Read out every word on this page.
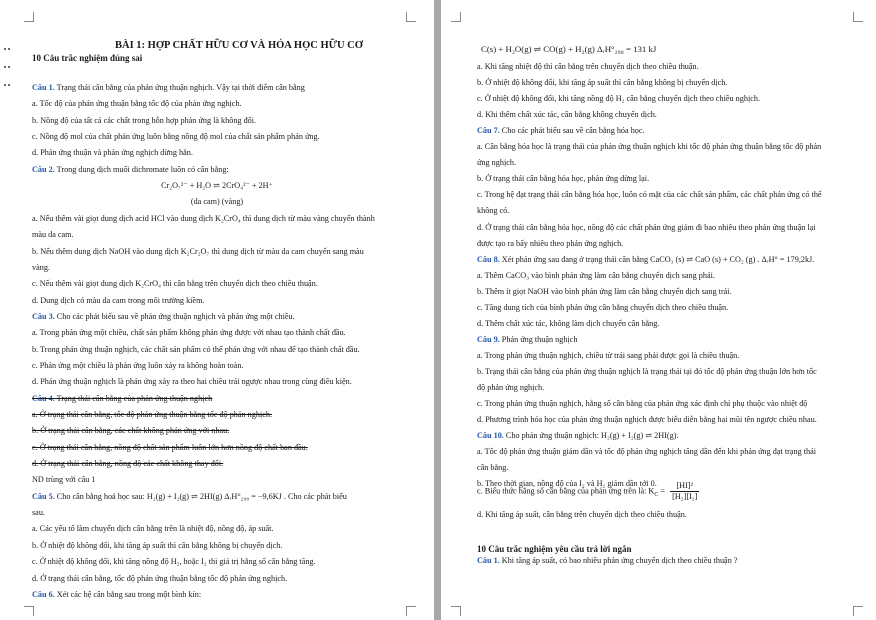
BÀI 1: HỢP CHẤT HỮU CƠ VÀ HÓA HỌC HỮU CƠ
10 Câu trắc nghiệm đúng sai
Câu 1. Trạng thái cân bằng của phản ứng thuận nghịch. Vậy tại thời điểm cân bằng
a. Tốc độ của phản ứng thuận bằng tốc độ của phản ứng nghịch.
b. Nồng độ của tất cả các chất trong hỗn hợp phản ứng là không đổi.
c. Nồng độ mol của chất phản ứng luôn bằng nồng độ mol của chất sản phẩm phản ứng.
d. Phản ứng thuận và phản ứng nghịch dừng hẳn.
Câu 2. Trong dung dịch muối dichromate luôn có cân bằng:
Cr₂O₇²⁻ + H₂O ⇌ 2CrO₄²⁻ + 2H⁺
(da cam) (vàng)
a. Nếu thêm vài giọt dung dịch acid HCl vào dung dịch K₂CrO₄ thì dung dịch từ màu vàng chuyển thành
màu da cam.
b. Nếu thêm dung dịch NaOH vào dung dịch K₂Cr₂O₇ thì dung dịch từ màu da cam chuyển sang màu
vàng.
c. Nếu thêm vài giọt dung dịch K₂CrO₄ thì cân bằng trên chuyển dịch theo chiều thuận.
d. Dung dịch có màu da cam trong môi trường kiềm.
Câu 3. Cho các phát biểu sau về phản ứng thuận nghịch và phản ứng một chiều.
a. Trong phản ứng một chiều, chất sản phẩm không phản ứng được với nhau tạo thành chất đầu.
b. Trong phản ứng thuận nghịch, các chất sản phẩm có thể phản ứng với nhau để tạo thành chất đầu.
c. Phản ứng một chiều là phản ứng luôn xảy ra không hoàn toàn.
d. Phản ứng thuận nghịch là phản ứng xảy ra theo hai chiều trái ngược nhau trong cùng điều kiện.
Câu 4. Trạng thái cân bằng của phản ứng thuận nghịch
a. Ở trạng thái cân bằng, tốc độ phản ứng thuận bằng tốc độ phản nghịch.
b. Ở trạng thái cân bằng, các chất không phản ứng với nhau.
c. Ở trạng thái cân bằng, nồng độ chất sản phẩm luôn lớn hơn nồng độ chất ban đầu.
d. Ở trạng thái cân bằng, nồng độ các chất không thay đổi.
ND trùng với câu 1
Câu 5. Cho cân bằng hoá học sau: H₂(g) + I₂(g) ⇌ 2HI(g) ΔᵣH°₂₉₈ = −9,6KJ . Cho các phát biểu
sau.
a. Các yếu tố làm chuyển dịch cân bằng trên là nhiệt độ, nồng độ, áp suất.
b. Ở nhiệt độ không đổi, khi tăng áp suất thì cân bằng không bị chuyển dịch.
c. Ở nhiệt độ không đổi, khi tăng nồng độ H₂, hoặc I₂ thì giá trị hằng số cân bằng tăng.
d. Ở trạng thái cân bằng, tốc độ phản ứng thuận bằng tốc độ phản ứng nghịch.
Câu 6. Xét các hệ cân bằng sau trong một bình kín:
C(s) + H₂O(g) ⇌ CO(g) + H₂(g) ΔᵣH°₂₉₈ = 131 kJ
a. Khi tăng nhiệt độ thì cân bằng trên chuyển dịch theo chiều thuận.
b. Ở nhiệt độ không đổi, khi tăng áp suất thì cân bằng không bị chuyển dịch.
c. Ở nhiệt độ không đổi, khi tăng nồng độ H₂ cân bằng chuyển dịch theo chiều nghịch.
d. Khi thêm chất xúc tác, cân bằng không chuyển dịch.
Câu 7. Cho các phát biểu sau về cân bằng hóa học.
a. Cân bằng hóa học là trạng thái của phản ứng thuận nghịch khi tốc độ phản ứng thuận bằng tốc độ phản
ứng nghịch.
b. Ở trạng thái cân bằng hóa học, phản ứng dừng lại.
c. Trong hệ đạt trạng thái cân bằng hóa học, luôn có mặt của các chất sản phẩm, các chất phản ứng có thể
không có.
d. Ở trạng thái cân bằng hóa học, nồng độ các chất phản ứng giảm đi bao nhiêu theo phản ứng thuận lại
được tạo ra bấy nhiêu theo phản ứng nghịch.
Câu 8. Xét phản ứng sau đang ở trạng thái cân bằng CaCO₃ (s) ⇌ CaO (s) + CO₂ (g) . ΔᵣH° = 179,2kJ.
a. Thêm CaCO₃ vào bình phản ứng làm cân bằng chuyển dịch sang phải.
b. Thêm ít giọt NaOH vào bình phản ứng làm cân bằng chuyển dịch sang trái.
c. Tăng dung tích của bình phản ứng cân bằng chuyển dịch theo chiều thuận.
d. Thêm chất xúc tác, không làm dịch chuyển cân bằng.
Câu 9. Phản ứng thuận nghịch
a. Trong phản ứng thuận nghịch, chiều từ trái sang phải được gọi là chiều thuận.
b. Trạng thái cân bằng của phản ứng thuận nghịch là trạng thái tại đó tốc độ phản ứng thuận lớn hơn tốc
độ phản ứng nghịch.
c. Trong phản ứng thuận nghịch, hằng số cân bằng của phản ứng xác định chỉ phụ thuộc vào nhiệt độ
d. Phương trình hóa học của phản ứng thuận nghịch được biểu diễn bằng hai mũi tên ngược chiều nhau.
Câu 10. Cho phản ứng thuận nghịch: H₂(g) + I₂(g) ⇌ 2HI(g).
a. Tốc độ phản ứng thuận giảm dần và tốc độ phản ứng nghịch tăng dần đến khi phản ứng đạt trạng thái
cân bằng.
b. Theo thời gian, nồng độ của I₂ và H₂ giảm dần tới 0.
c. Biểu thức hằng số cân bằng của phản ứng trên là: $K_C = \frac{\text{[HI]²}}{\text{[H₂][I₂]}}$
d. Khi tăng áp suất, cân bằng trên chuyển dịch theo chiều thuận.
10 Câu trắc nghiệm yêu cầu trả lời ngắn
Câu 1. Khi tăng áp suất, có bao nhiêu phản ứng chuyển dịch theo chiều thuận ?
